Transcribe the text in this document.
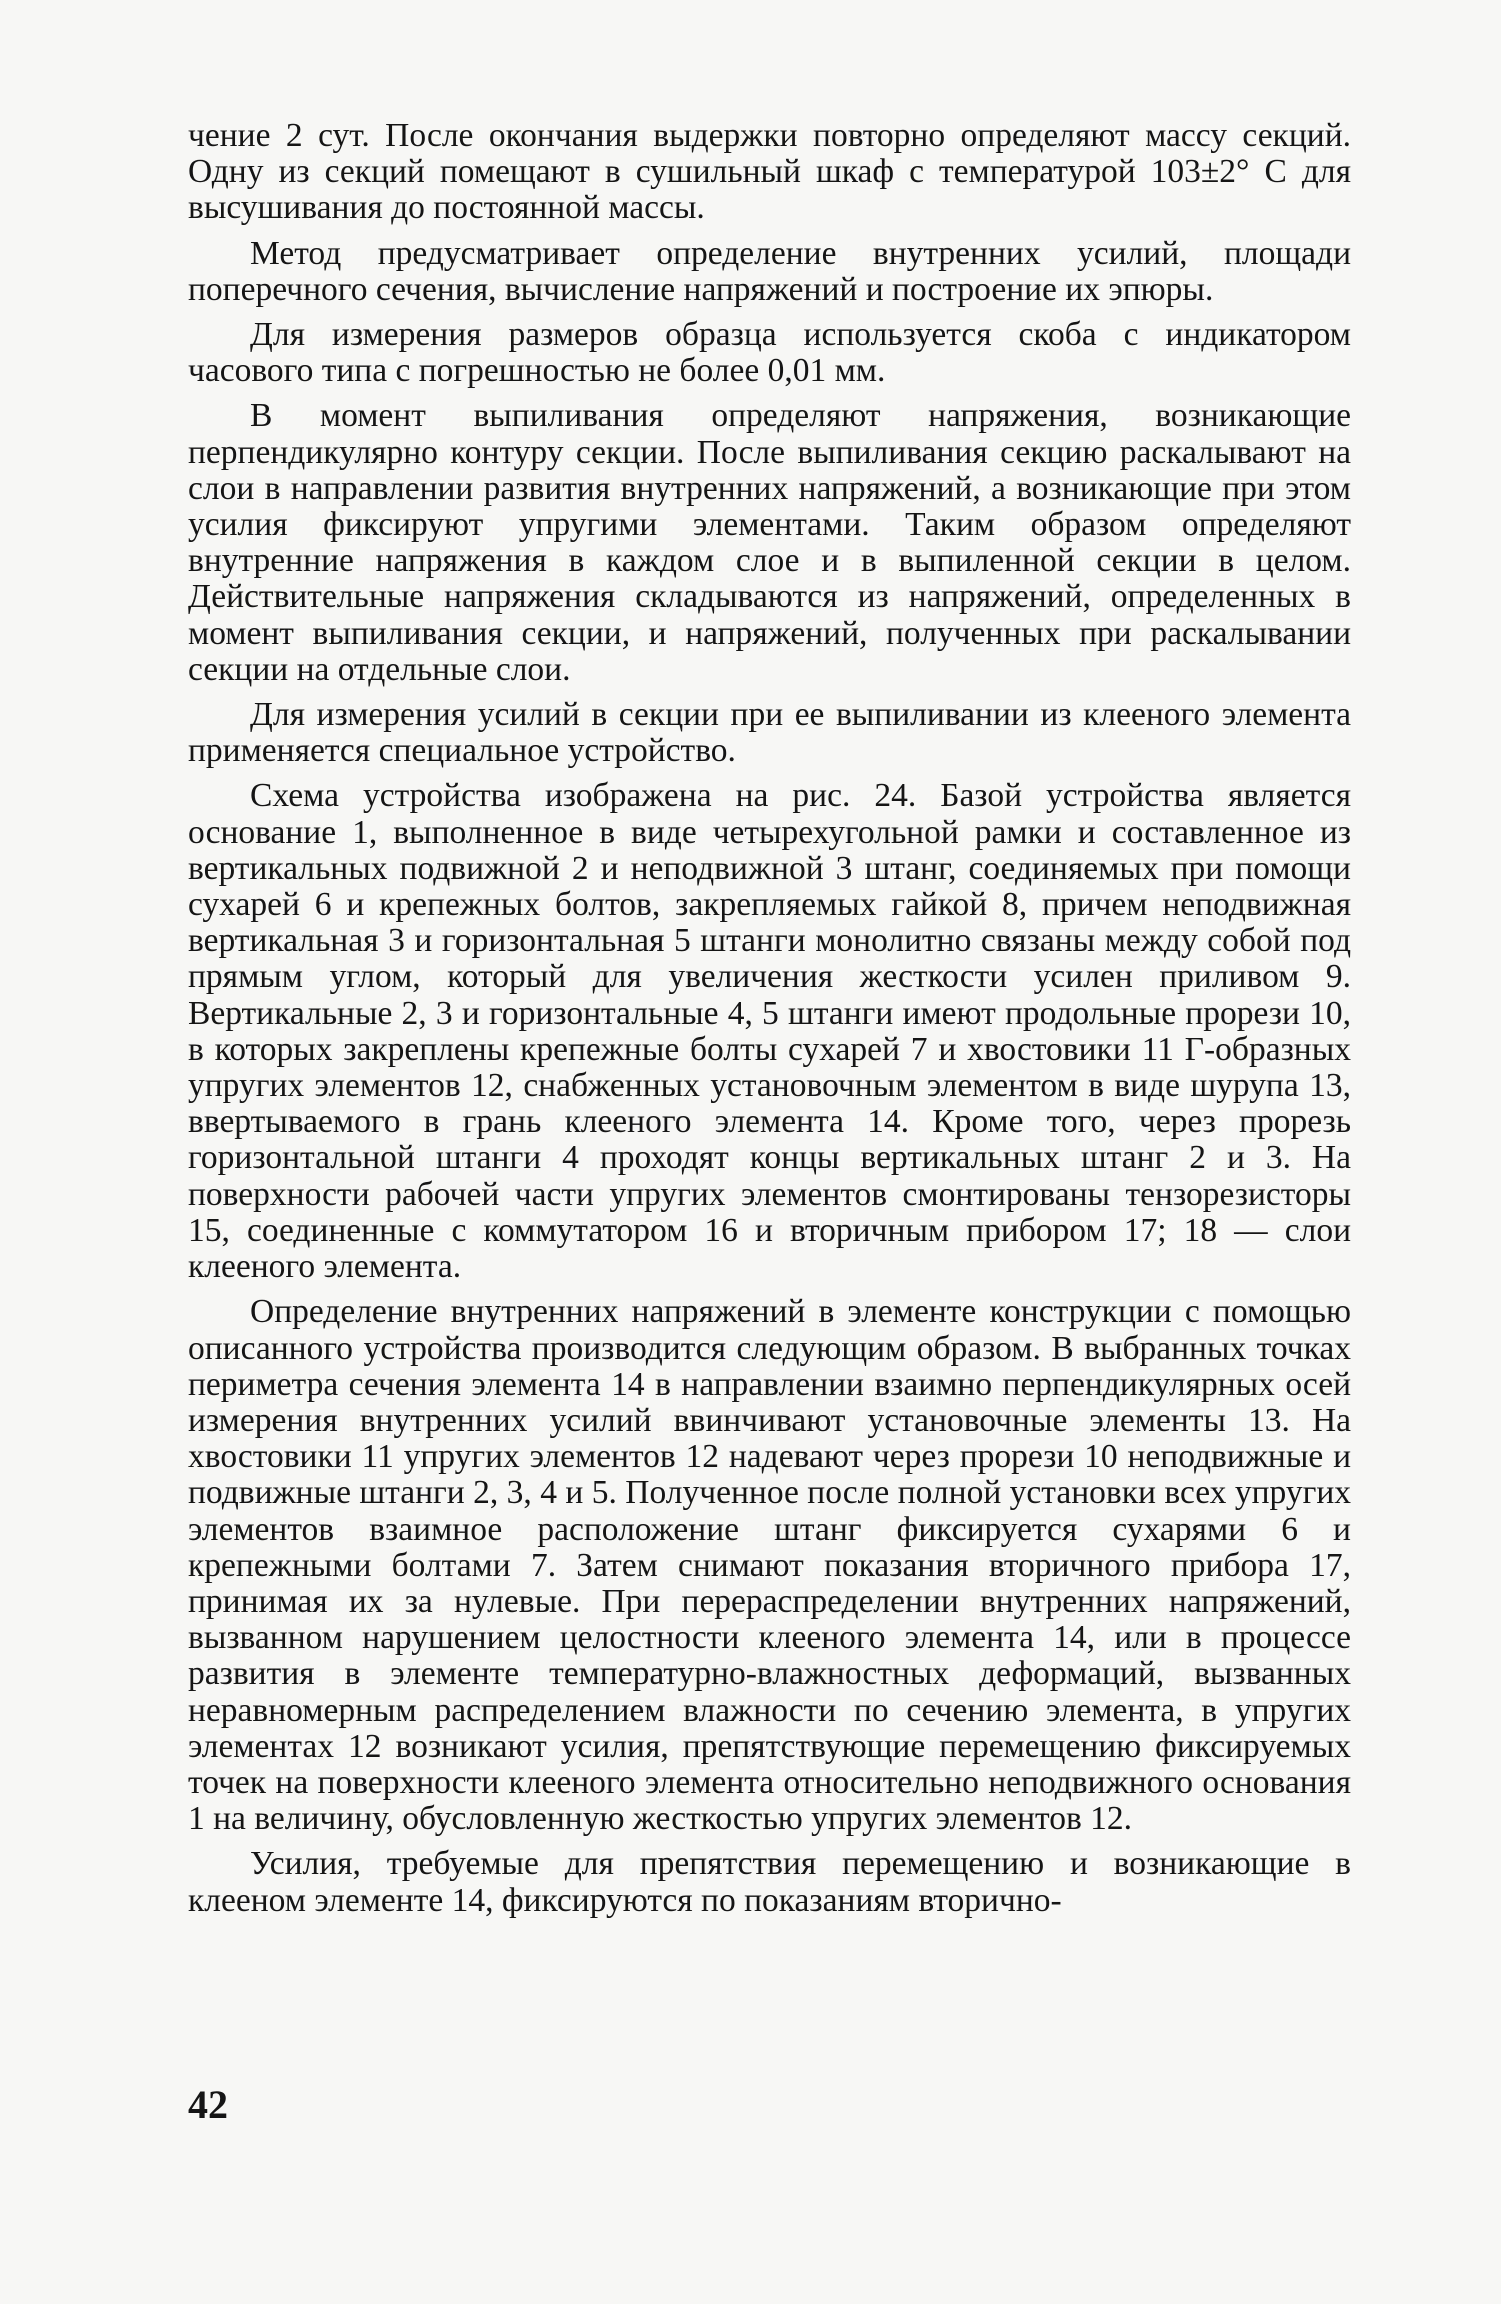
чение 2 сут. После окончания выдержки повторно определяют массу секций. Одну из секций помещают в сушильный шкаф с температурой 103±2° С для высушивания до постоянной массы.

Метод предусматривает определение внутренних усилий, площади поперечного сечения, вычисление напряжений и построение их эпюры.

Для измерения размеров образца используется скоба с индикатором часового типа с погрешностью не более 0,01 мм.

В момент выпиливания определяют напряжения, возникающие перпендикулярно контуру секции. После выпиливания секцию раскалывают на слои в направлении развития внутренних напряжений, а возникающие при этом усилия фиксируют упругими элементами. Таким образом определяют внутренние напряжения в каждом слое и в выпиленной секции в целом. Действительные напряжения складываются из напряжений, определенных в момент выпиливания секции, и напряжений, полученных при раскалывании секции на отдельные слои.

Для измерения усилий в секции при ее выпиливании из клееного элемента применяется специальное устройство.

Схема устройства изображена на рис. 24. Базой устройства является основание 1, выполненное в виде четырехугольной рамки и составленное из вертикальных подвижной 2 и неподвижной 3 штанг, соединяемых при помощи сухарей 6 и крепежных болтов, закрепляемых гайкой 8, причем неподвижная вертикальная 3 и горизонтальная 5 штанги монолитно связаны между собой под прямым углом, который для увеличения жесткости усилен приливом 9. Вертикальные 2, 3 и горизонтальные 4, 5 штанги имеют продольные прорези 10, в которых закреплены крепежные болты сухарей 7 и хвостовики 11 Г-образных упругих элементов 12, снабженных установочным элементом в виде шурупа 13, ввертываемого в грань клееного элемента 14. Кроме того, через прорезь горизонтальной штанги 4 проходят концы вертикальных штанг 2 и 3. На поверхности рабочей части упругих элементов смонтированы тензорезисторы 15, соединенные с коммутатором 16 и вторичным прибором 17; 18 — слои клееного элемента.

Определение внутренних напряжений в элементе конструкции с помощью описанного устройства производится следующим образом. В выбранных точках периметра сечения элемента 14 в направлении взаимно перпендикулярных осей измерения внутренних усилий ввинчивают установочные элементы 13. На хвостовики 11 упругих элементов 12 надевают через прорези 10 неподвижные и подвижные штанги 2, 3, 4 и 5. Полученное после полной установки всех упругих элементов взаимное расположение штанг фиксируется сухарями 6 и крепежными болтами 7. Затем снимают показания вторичного прибора 17, принимая их за нулевые. При перераспределении внутренних напряжений, вызванном нарушением целостности клееного элемента 14, или в процессе развития в элементе температурно-влажностных деформаций, вызванных неравномерным распределением влажности по сечению элемента, в упругих элементах 12 возникают усилия, препятствующие перемещению фиксируемых точек на поверхности клееного элемента относительно неподвижного основания 1 на величину, обусловленную жесткостью упругих элементов 12.

Усилия, требуемые для препятствия перемещению и возникающие в клееном элементе 14, фиксируются по показаниям вторично-

42
